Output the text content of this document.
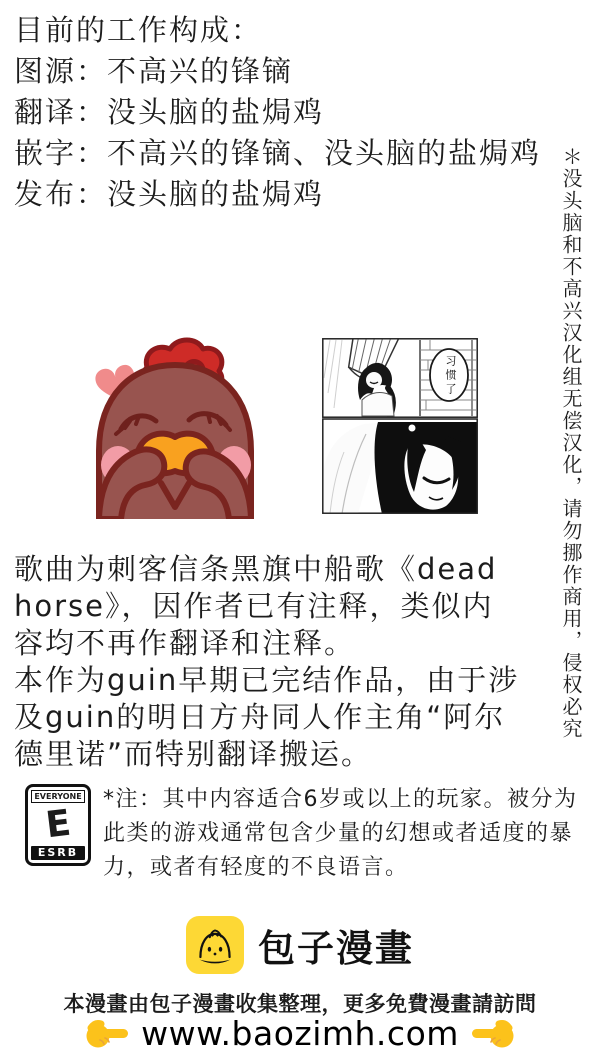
目前的工作构成：
图源：不高兴的锋镝
翻译：没头脑的盐焗鸡
嵌字：不高兴的锋镝、没头脑的盐焗鸡
发布：没头脑的盐焗鸡	＊没头脑和不高兴汉化组无偿汉化，请勿挪作商用，侵权必究
习惯了
歌曲为刺客信条黑旗中船歌《dead
horse》，因作者已有注释，类似内
容均不再作翻译和注释。
本作为guin早期已完结作品，由于涉
及guin的明日方舟同人作主角“阿尔
德里诺”而特别翻译搬运。
EVERYONE
E
ESRB
*注：其中内容适合6岁或以上的玩家。被分为
此类的游戏通常包含少量的幻想或者适度的暴
力，或者有轻度的不良语言。
包子漫畫
本漫畫由包子漫畫收集整理，更多免費漫畫請訪問
www.baozimh.com
